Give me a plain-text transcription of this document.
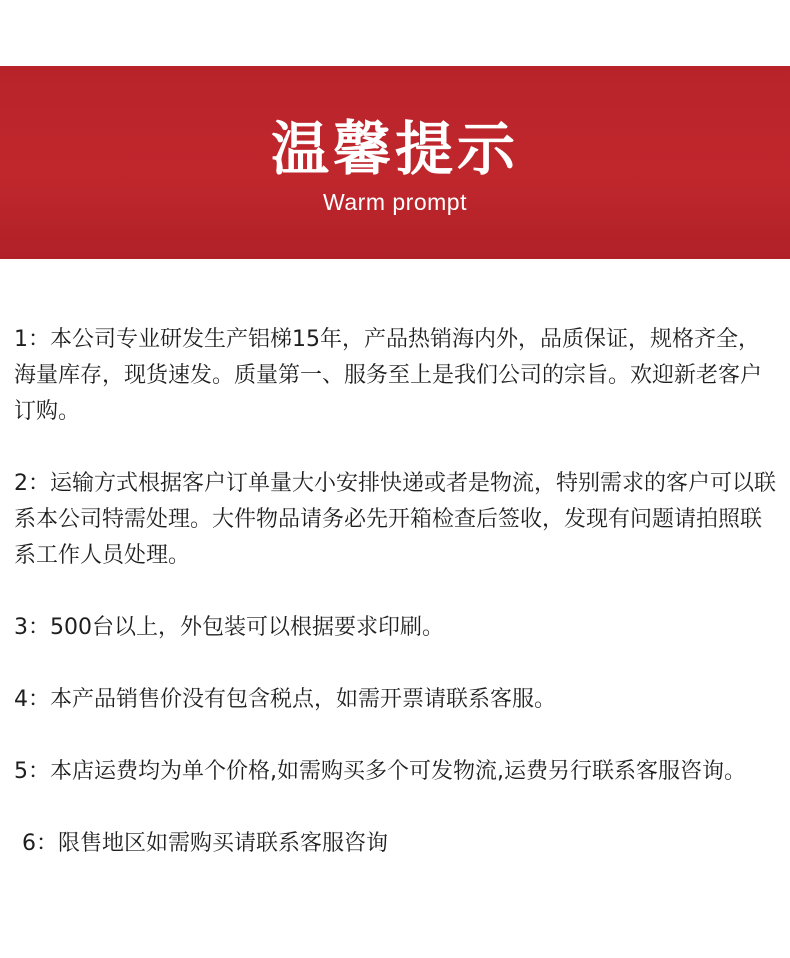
温馨提示
Warm prompt
1：本公司专业研发生产铝梯15年，产品热销海内外，品质保证，规格齐全，海量库存，现货速发。质量第一、服务至上是我们公司的宗旨。欢迎新老客户订购。
2：运输方式根据客户订单量大小安排快递或者是物流，特别需求的客户可以联系本公司特需处理。大件物品请务必先开箱检查后签收，发现有问题请拍照联系工作人员处理。
3：500台以上，外包装可以根据要求印刷。
4：本产品销售价没有包含税点，如需开票请联系客服。
5：本店运费均为单个价格,如需购买多个可发物流,运费另行联系客服咨询。
6：限售地区如需购买请联系客服咨询
